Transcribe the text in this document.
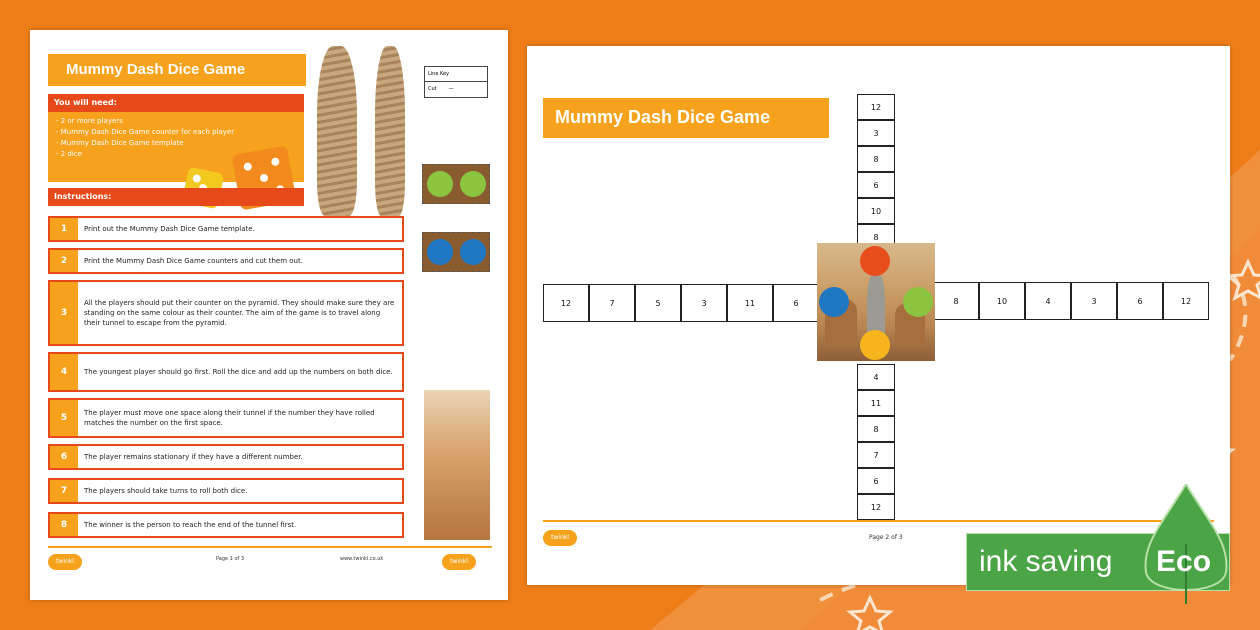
Mummy Dash Dice Game
You will need:
- 2 or more players
- Mummy Dash Dice Game counter for each player
- Mummy Dash Dice Game template
- 2 dice
Instructions:
Line Key
Cut —
1	Print out the Mummy Dash Dice Game template.
2	Print the Mummy Dash Dice Game counters and cut them out.
3
All the players should put their counter on the pyramid. They should make sure they are standing on the same colour as their counter. The aim of the game is to travel along their tunnel to escape from the pyramid.
4	The youngest player should go first. Roll the dice and add up the numbers on both dice.
5	The player must move one space along their tunnel if the number they have rolled matches the number on the first space.
6	The player remains stationary if they have a different number.
7	The players should take turns to roll both dice.
8	The winner is the person to reach the end of the tunnel first.
twinkl	Page 1 of 3	www.twinkl.co.uk	twinkl
Mummy Dash Dice Game	12
3
8
6
10
8
12	7	5	3	11	6	8	10	4	3	6	12
4
11
8
7
6
12
twinkl	Page 2 of 3
ink saving Eco
